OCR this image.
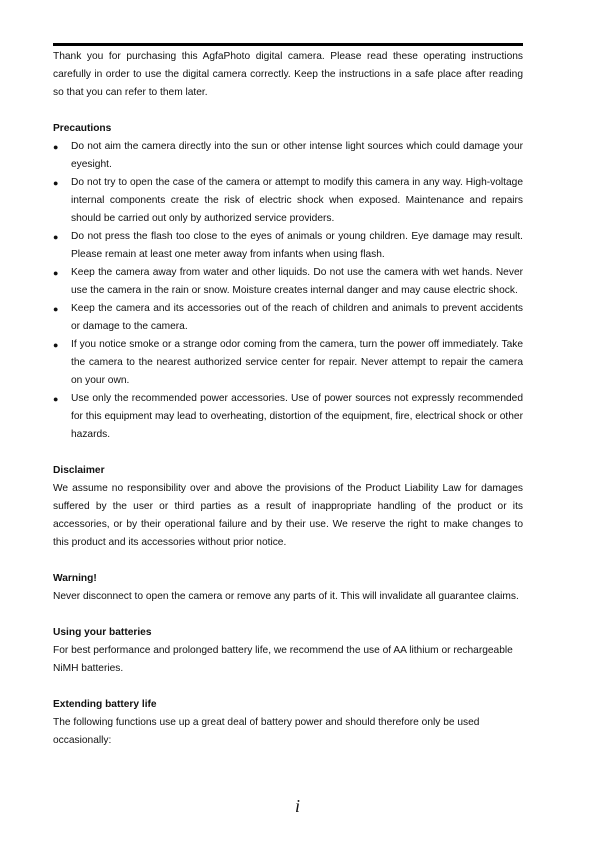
Thank you for purchasing this AgfaPhoto digital camera. Please read these operating instructions carefully in order to use the digital camera correctly. Keep the instructions in a safe place after reading so that you can refer to them later.

Precautions
● Do not aim the camera directly into the sun or other intense light sources which could damage your eyesight.
● Do not try to open the case of the camera or attempt to modify this camera in any way. High-voltage internal components create the risk of electric shock when exposed. Maintenance and repairs should be carried out only by authorized service providers.
● Do not press the flash too close to the eyes of animals or young children. Eye damage may result. Please remain at least one meter away from infants when using flash.
● Keep the camera away from water and other liquids. Do not use the camera with wet hands. Never use the camera in the rain or snow. Moisture creates internal danger and may cause electric shock.
● Keep the camera and its accessories out of the reach of children and animals to prevent accidents or damage to the camera.
● If you notice smoke or a strange odor coming from the camera, turn the power off immediately. Take the camera to the nearest authorized service center for repair. Never attempt to repair the camera on your own.
● Use only the recommended power accessories. Use of power sources not expressly recommended for this equipment may lead to overheating, distortion of the equipment, fire, electrical shock or other hazards.
Disclaimer

We assume no responsibility over and above the provisions of the Product Liability Law for damages suffered by the user or third parties as a result of inappropriate handling of the product or its accessories, or by their operational failure and by their use. We reserve the right to make changes to this product and its accessories without prior notice.

Warning!

Never disconnect to open the camera or remove any parts of it. This will invalidate all guarantee claims.

Using your batteries

For best performance and prolonged battery life, we recommend the use of AA lithium or rechargeable NiMH batteries.

Extending battery life

The following functions use up a great deal of battery power and should therefore only be used occasionally:

i
